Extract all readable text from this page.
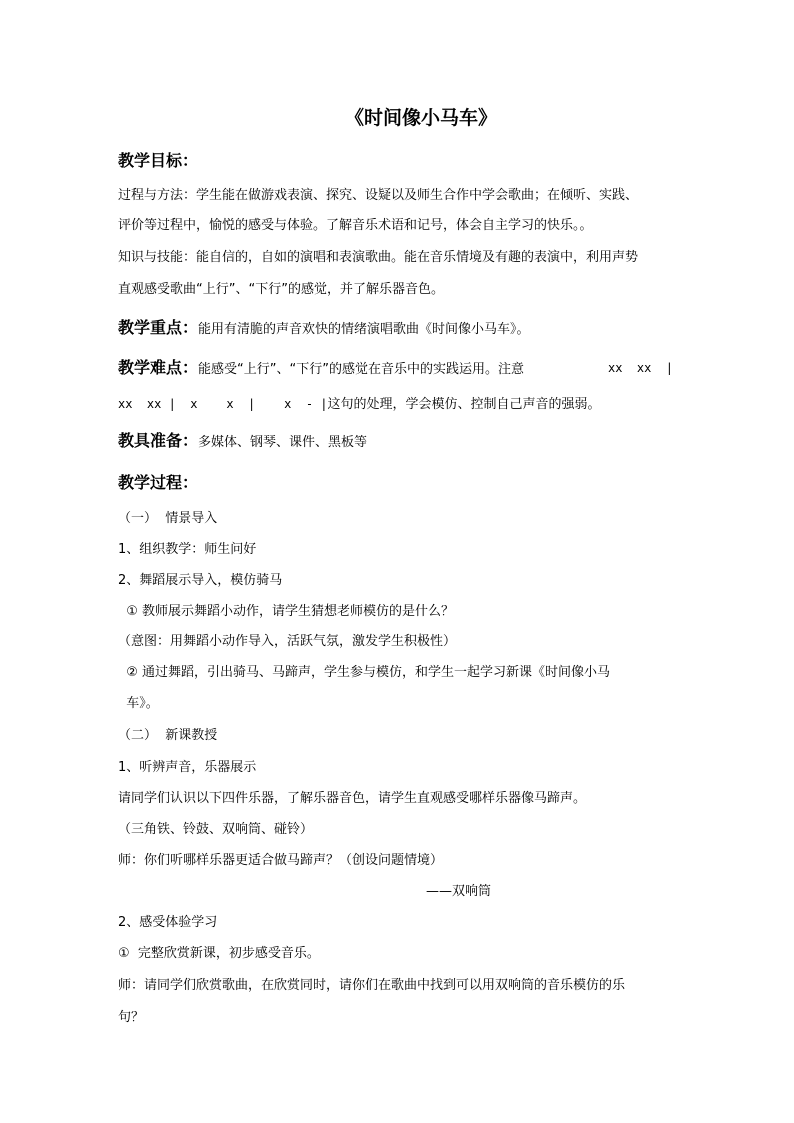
《时间像小马车》
教学目标：
过程与方法：学生能在做游戏表演、探究、设疑以及师生合作中学会歌曲；在倾听、实践、
评价等过程中，愉悦的感受与体验。了解音乐术语和记号，体会自主学习的快乐。。
知识与技能：能自信的，自如的演唱和表演歌曲。能在音乐情境及有趣的表演中，利用声势
直观感受歌曲“上行”、“下行”的感觉，并了解乐器音色。
教学重点：能用有清脆的声音欢快的情绪演唱歌曲《时间像小马车》。
教学难点：能感受“上行”、“下行”的感觉在音乐中的实践运用。注意	xx  xx  |
xx  xx |  x    x  |    x  - |这句的处理，学会模仿、控制自己声音的强弱。
教具准备：多媒体、钢琴、课件、黑板等
教学过程：
（一）  情景导入
1、组织教学：师生问好
2、舞蹈展示导入，模仿骑马
① 教师展示舞蹈小动作，请学生猜想老师模仿的是什么？
（意图：用舞蹈小动作导入，活跃气氛，激发学生积极性）
② 通过舞蹈，引出骑马、马蹄声，学生参与模仿，和学生一起学习新课《时间像小马
车》。
（二）  新课教授
1、听辨声音，乐器展示
请同学们认识以下四件乐器，了解乐器音色，请学生直观感受哪样乐器像马蹄声。
（三角铁、铃鼓、双响筒、碰铃）
师：你们听哪样乐器更适合做马蹄声？（创设问题情境）
——双响筒
2、感受体验学习
①  完整欣赏新课，初步感受音乐。
师：请同学们欣赏歌曲，在欣赏同时，请你们在歌曲中找到可以用双响筒的音乐模仿的乐
句？
